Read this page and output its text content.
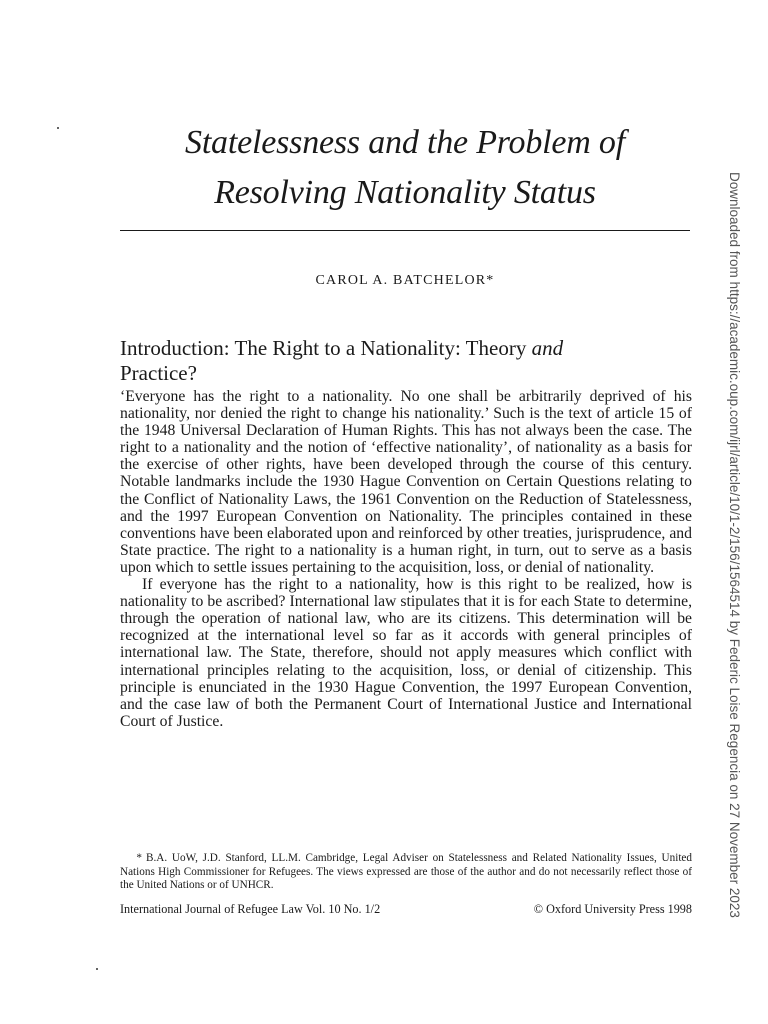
Statelessness and the Problem of
Resolving Nationality Status
CAROL A. BATCHELOR*
Introduction: The Right to a Nationality: Theory and
Practice?

‘Everyone has the right to a nationality. No one shall be arbitrarily deprived of his nationality, nor denied the right to change his nationality.’ Such is the text of article 15 of the 1948 Universal Declaration of Human Rights. This has not always been the case. The right to a nationality and the notion of ‘effective nationality’, of nationality as a basis for the exercise of other rights, have been developed through the course of this century. Notable landmarks include the 1930 Hague Convention on Certain Questions relating to the Conflict of Nationality Laws, the 1961 Convention on the Reduction of Statelessness, and the 1997 European Convention on Nationality. The principles contained in these conventions have been elaborated upon and reinforced by other treaties, jurisprudence, and State practice. The right to a nationality is a human right, in turn, out to serve as a basis upon which to settle issues pertaining to the acquisition, loss, or denial of nationality.

If everyone has the right to a nationality, how is this right to be realized, how is nationality to be ascribed? International law stipulates that it is for each State to determine, through the operation of national law, who are its citizens. This determination will be recognized at the international level so far as it accords with general principles of international law. The State, therefore, should not apply measures which conflict with international principles relating to the acquisition, loss, or denial of citizenship. This principle is enunciated in the 1930 Hague Convention, the 1997 European Convention, and the case law of both the Permanent Court of International Justice and International Court of Justice.

* B.A. UoW, J.D. Stanford, LL.M. Cambridge, Legal Adviser on Statelessness and Related Nationality Issues, United Nations High Commissioner for Refugees. The views expressed are those of the author and do not necessarily reflect those of the United Nations or of UNHCR.
International Journal of Refugee Law Vol. 10 No. 1/2	© Oxford University Press 1998	Downloaded from https://academic.oup.com/ijrl/article/10/1-2/156/1564514 by Federic Loise Regencia on 27 November 2023
